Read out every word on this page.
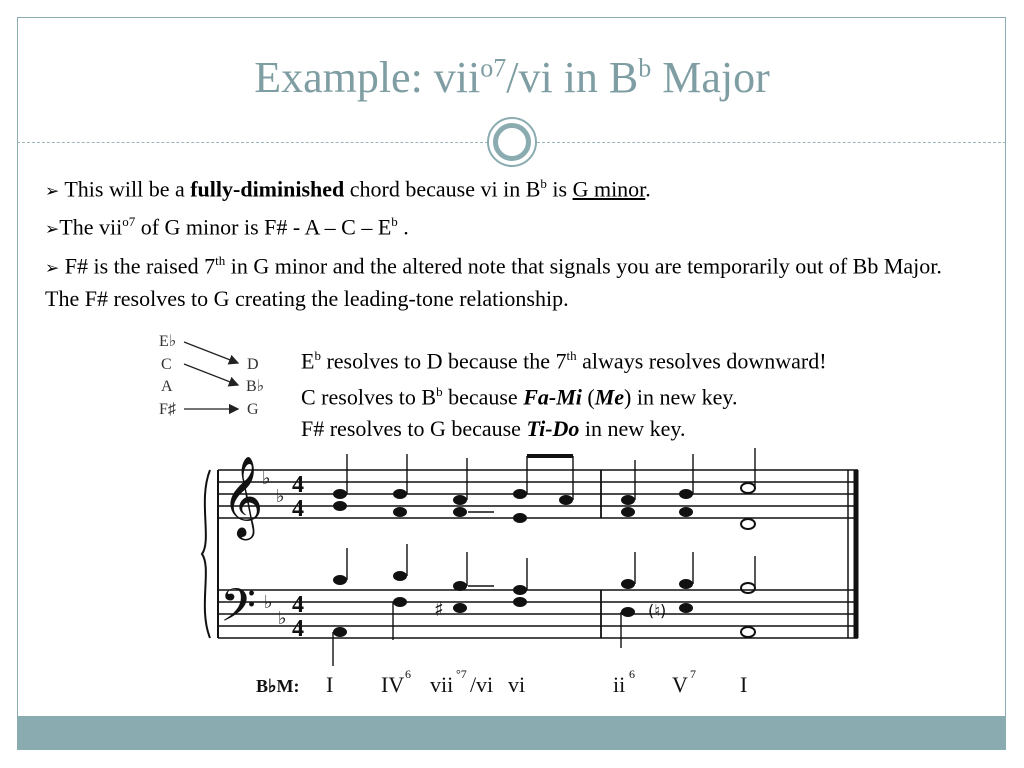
Example: vii$^{o7}$/vi in $B^b$ Major

➢ This will be a fully-diminished chord because vi in $B^b$ is G minor.

➢The vii$^{o7}$ of G minor is F# - A – C – $E^b$ .

➢ F# is the raised 7th in G minor and the altered note that signals you are temporarily out of Bb Major. The F# resolves to G creating the leading-tone relationship.

E♭
C
A
F♯
D
B♭
G

$E^b$ resolves to D because the 7th always resolves downward!

C resolves to $B^b$ because Fa-Mi (Me) in new key.

F# resolves to G because Ti-Do in new key.

𝄞
𝄢
♭
♭
♭
♭
4
4
4
4
♯	(♮)
B♭M: I IV 6 vii °7 / vi vi	ii 6 V 7 I
